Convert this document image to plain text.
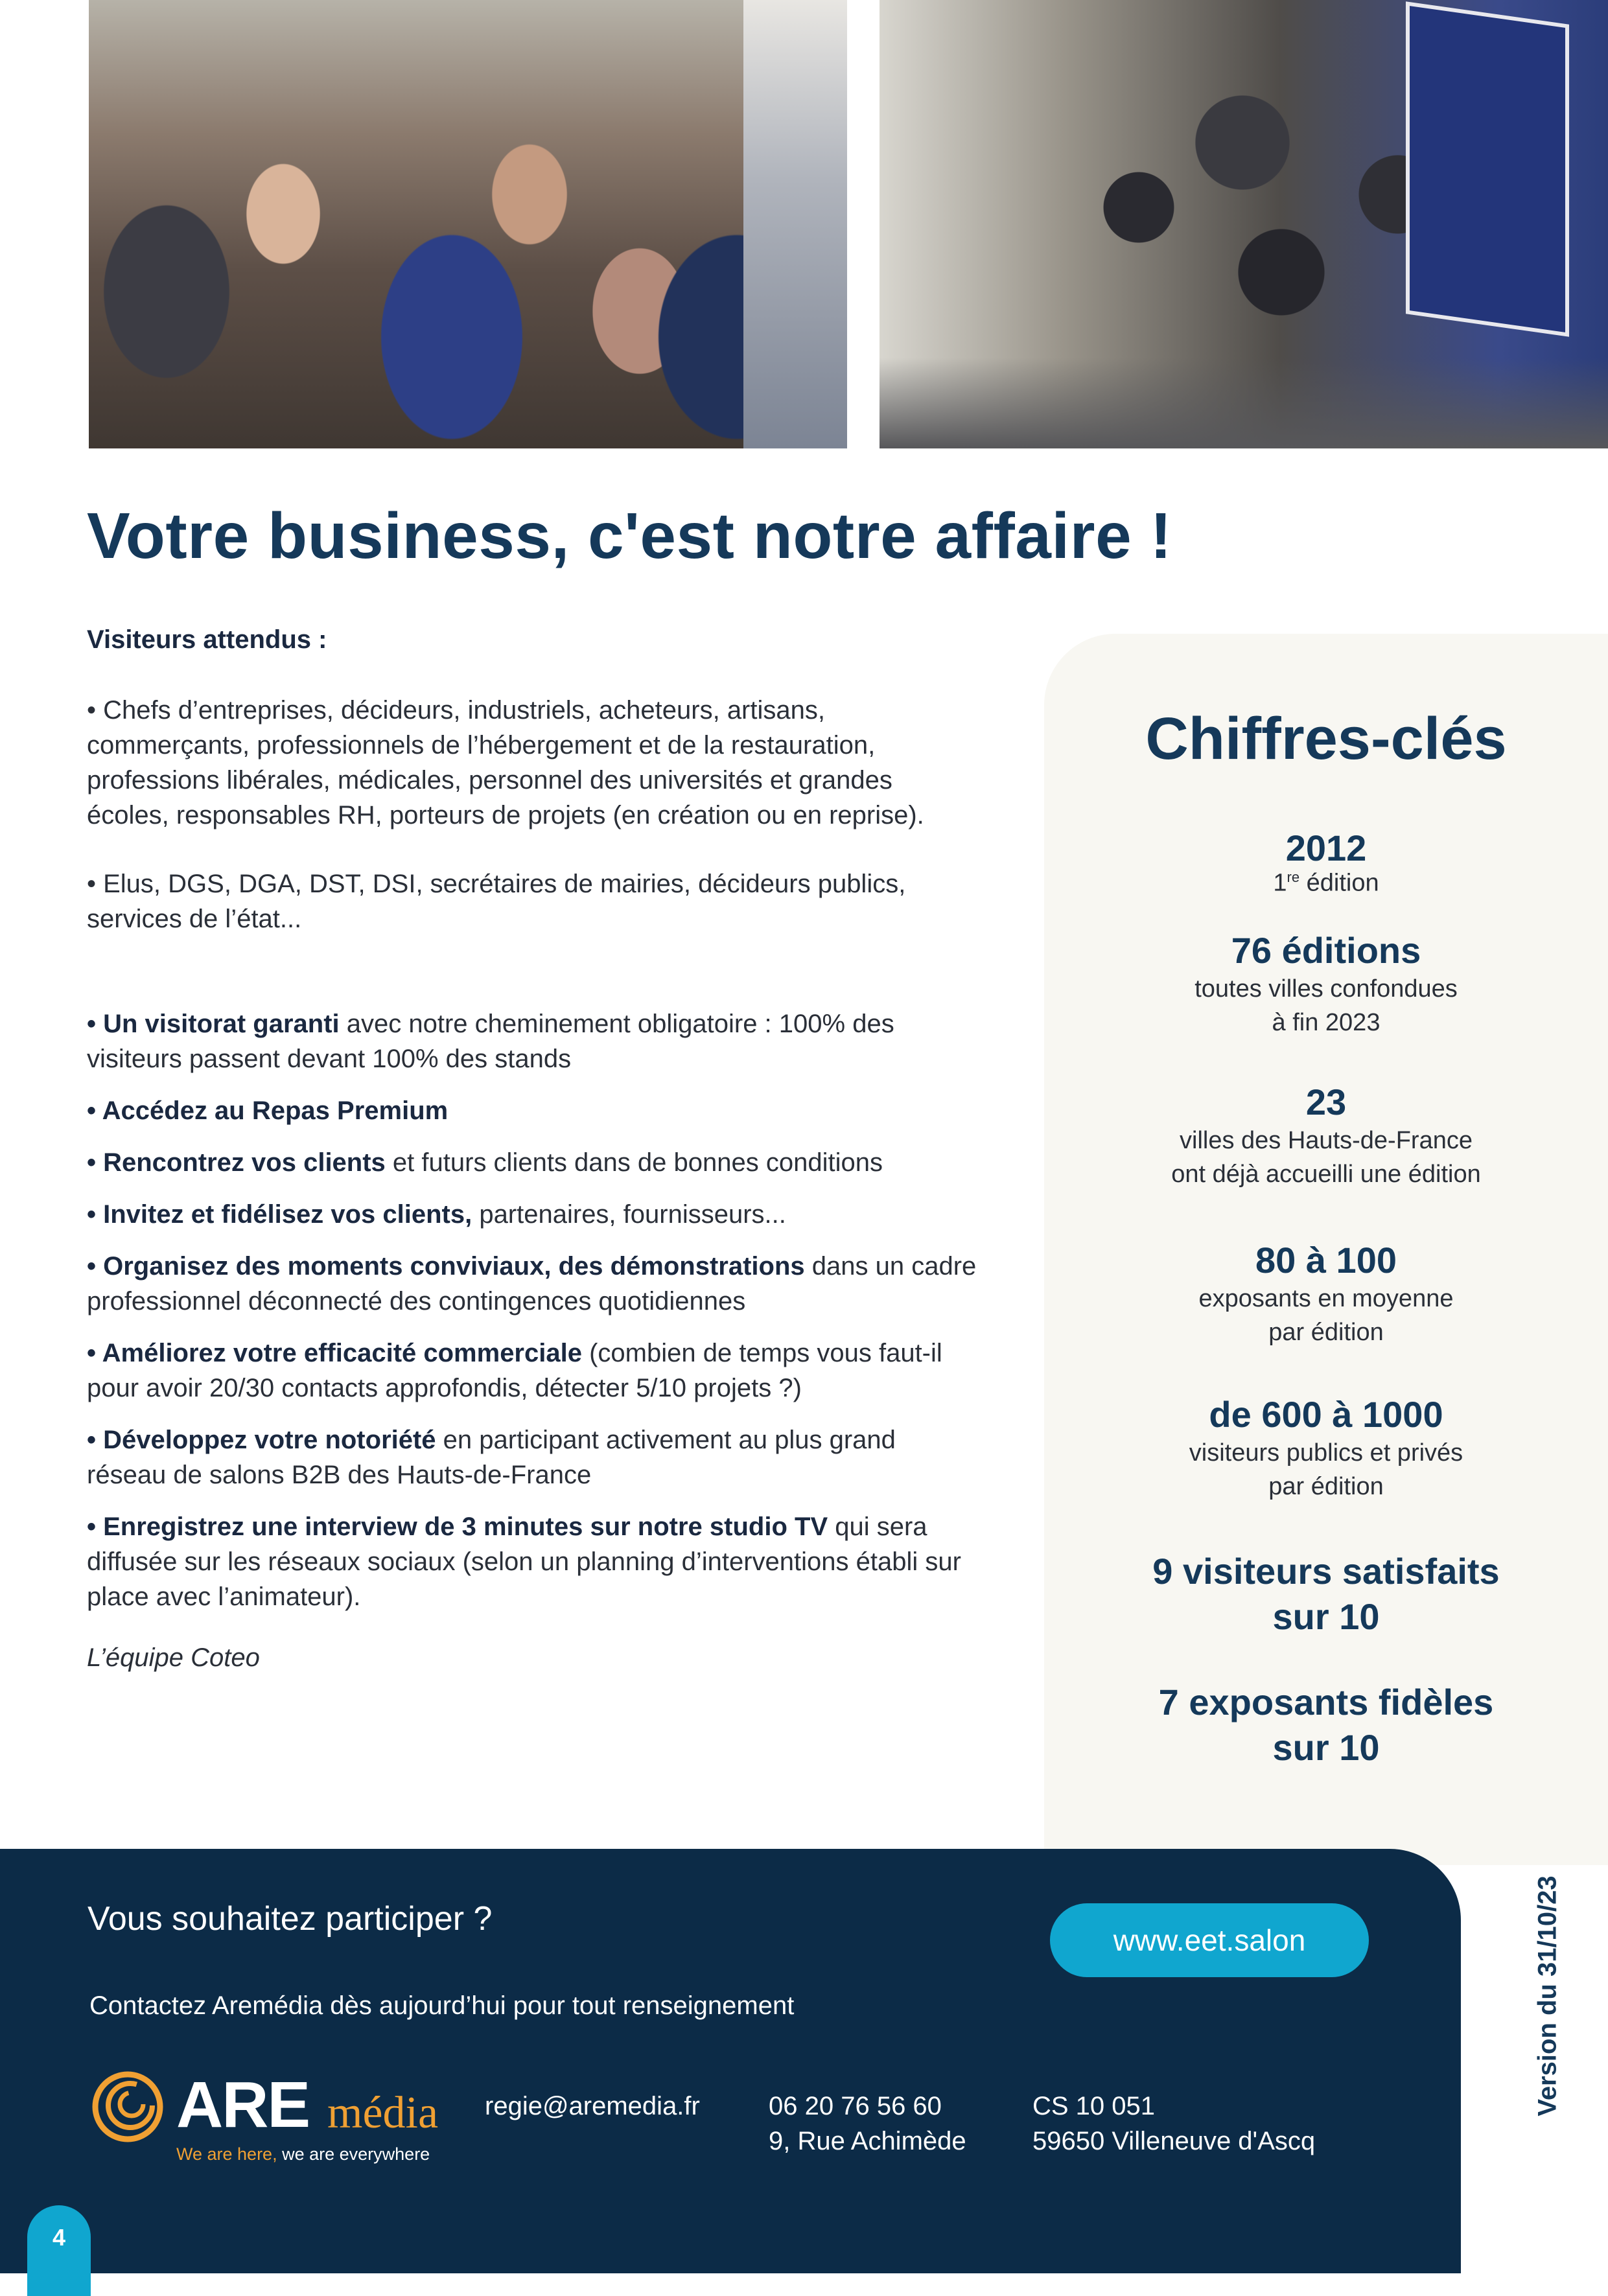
Votre business, c'est notre affaire !

Visiteurs attendus :

• Chefs d’entreprises, décideurs, industriels, acheteurs, artisans, commerçants, professionnels de l’hébergement et de la restauration, professions libérales, médicales, personnel des universités et grandes écoles, responsables RH, porteurs de projets (en création ou en reprise).

• Elus, DGS, DGA, DST, DSI, secrétaires de mairies, décideurs publics, services de l’état...

• Un visitorat garanti avec notre cheminement obligatoire : 100% des visiteurs passent devant 100% des stands

• Accédez au Repas Premium

• Rencontrez vos clients et futurs clients dans de bonnes conditions

• Invitez et fidélisez vos clients, partenaires, fournisseurs...

• Organisez des moments conviviaux, des démonstrations dans un cadre professionnel déconnecté des contingences quotidiennes

• Améliorez votre efficacité commerciale (combien de temps vous faut-il pour avoir 20/30 contacts approfondis, détecter 5/10 projets ?)

• Développez votre notoriété en participant activement au plus grand réseau de salons B2B des Hauts-de-France

• Enregistrez une interview de 3 minutes sur notre studio TV qui sera diffusée sur les réseaux sociaux (selon un planning d’interventions établi sur place avec l’animateur).

L’équipe Coteo

Chiffres-clés
2012
1re édition
76 éditions
toutes villes confondues
à fin 2023
23
villes des Hauts-de-France
ont déjà accueilli une édition
80 à 100
exposants en moyenne
par édition
de 600 à 1000
visiteurs publics et privés
par édition
9 visiteurs satisfaits
sur 10
7 exposants fidèles
sur 10
Vous souhaitez participer ?
www.eet.salon
Contactez Aremédia dès aujourd’hui pour tout renseignement
ARE média
We are here, we are everywhere
regie@aremedia.fr	06 20 76 56 60
9, Rue Achimède
CS 10 051
59650 Villeneuve d'Ascq
Version du 31/10/23
4
